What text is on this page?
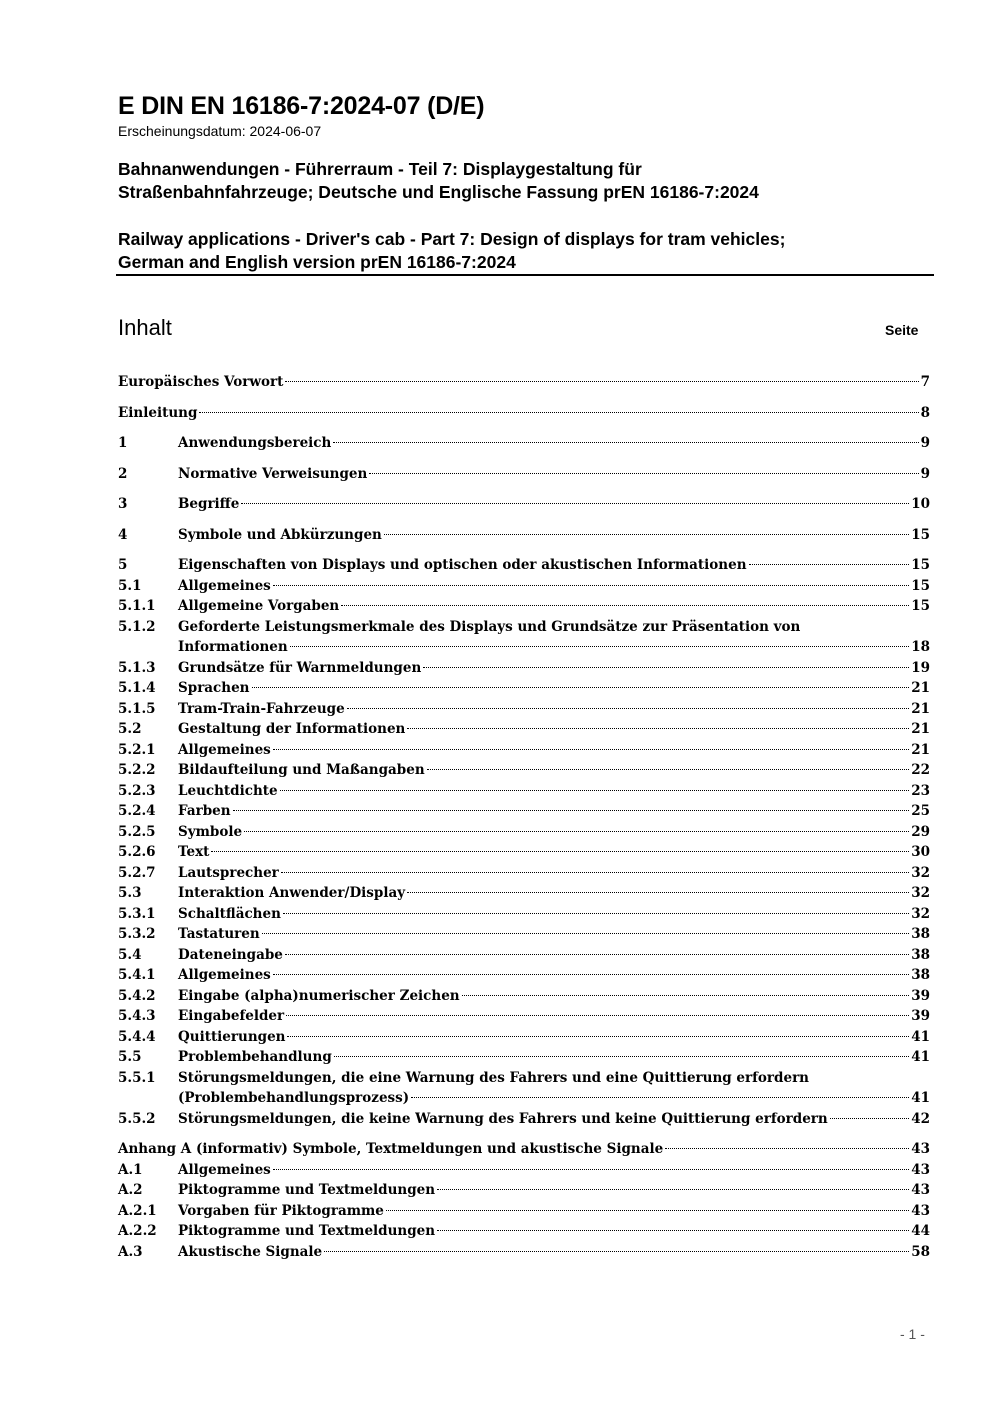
E DIN EN 16186-7:2024-07 (D/E)
Erscheinungsdatum: 2024-06-07
Bahnanwendungen - Führerraum - Teil 7: Displaygestaltung für
Straßenbahnfahrzeuge; Deutsche und Englische Fassung prEN 16186-7:2024
Railway applications - Driver's cab - Part 7: Design of displays for tram vehicles;
German and English version prEN 16186-7:2024
Inhalt	Seite
Europäisches Vorwort	7
Einleitung	8
1	Anwendungsbereich	9
2	Normative Verweisungen	9
3	Begriffe	10
4	Symbole und Abkürzungen	15
5	Eigenschaften von Displays und optischen oder akustischen Informationen	15
5.1	Allgemeines	15
5.1.1	Allgemeine Vorgaben	15
5.1.2	Geforderte Leistungsmerkmale des Displays und Grundsätze zur Präsentation von
Informationen	18
5.1.3	Grundsätze für Warnmeldungen	19
5.1.4	Sprachen	21
5.1.5	Tram-Train-Fahrzeuge	21
5.2	Gestaltung der Informationen	21
5.2.1	Allgemeines	21
5.2.2	Bildaufteilung und Maßangaben	22
5.2.3	Leuchtdichte	23
5.2.4	Farben	25
5.2.5	Symbole	29
5.2.6	Text	30
5.2.7	Lautsprecher	32
5.3	Interaktion Anwender/Display	32
5.3.1	Schaltflächen	32
5.3.2	Tastaturen	38
5.4	Dateneingabe	38
5.4.1	Allgemeines	38
5.4.2	Eingabe (alpha)numerischer Zeichen	39
5.4.3	Eingabefelder	39
5.4.4	Quittierungen	41
5.5	Problembehandlung	41
5.5.1	Störungsmeldungen, die eine Warnung des Fahrers und eine Quittierung erfordern
(Problembehandlungsprozess)	41
5.5.2	Störungsmeldungen, die keine Warnung des Fahrers und keine Quittierung erfordern	42
Anhang A (informativ) Symbole, Textmeldungen und akustische Signale	43
A.1	Allgemeines	43
A.2	Piktogramme und Textmeldungen	43
A.2.1	Vorgaben für Piktogramme	43
A.2.2	Piktogramme und Textmeldungen	44
A.3	Akustische Signale	58
- 1 -
